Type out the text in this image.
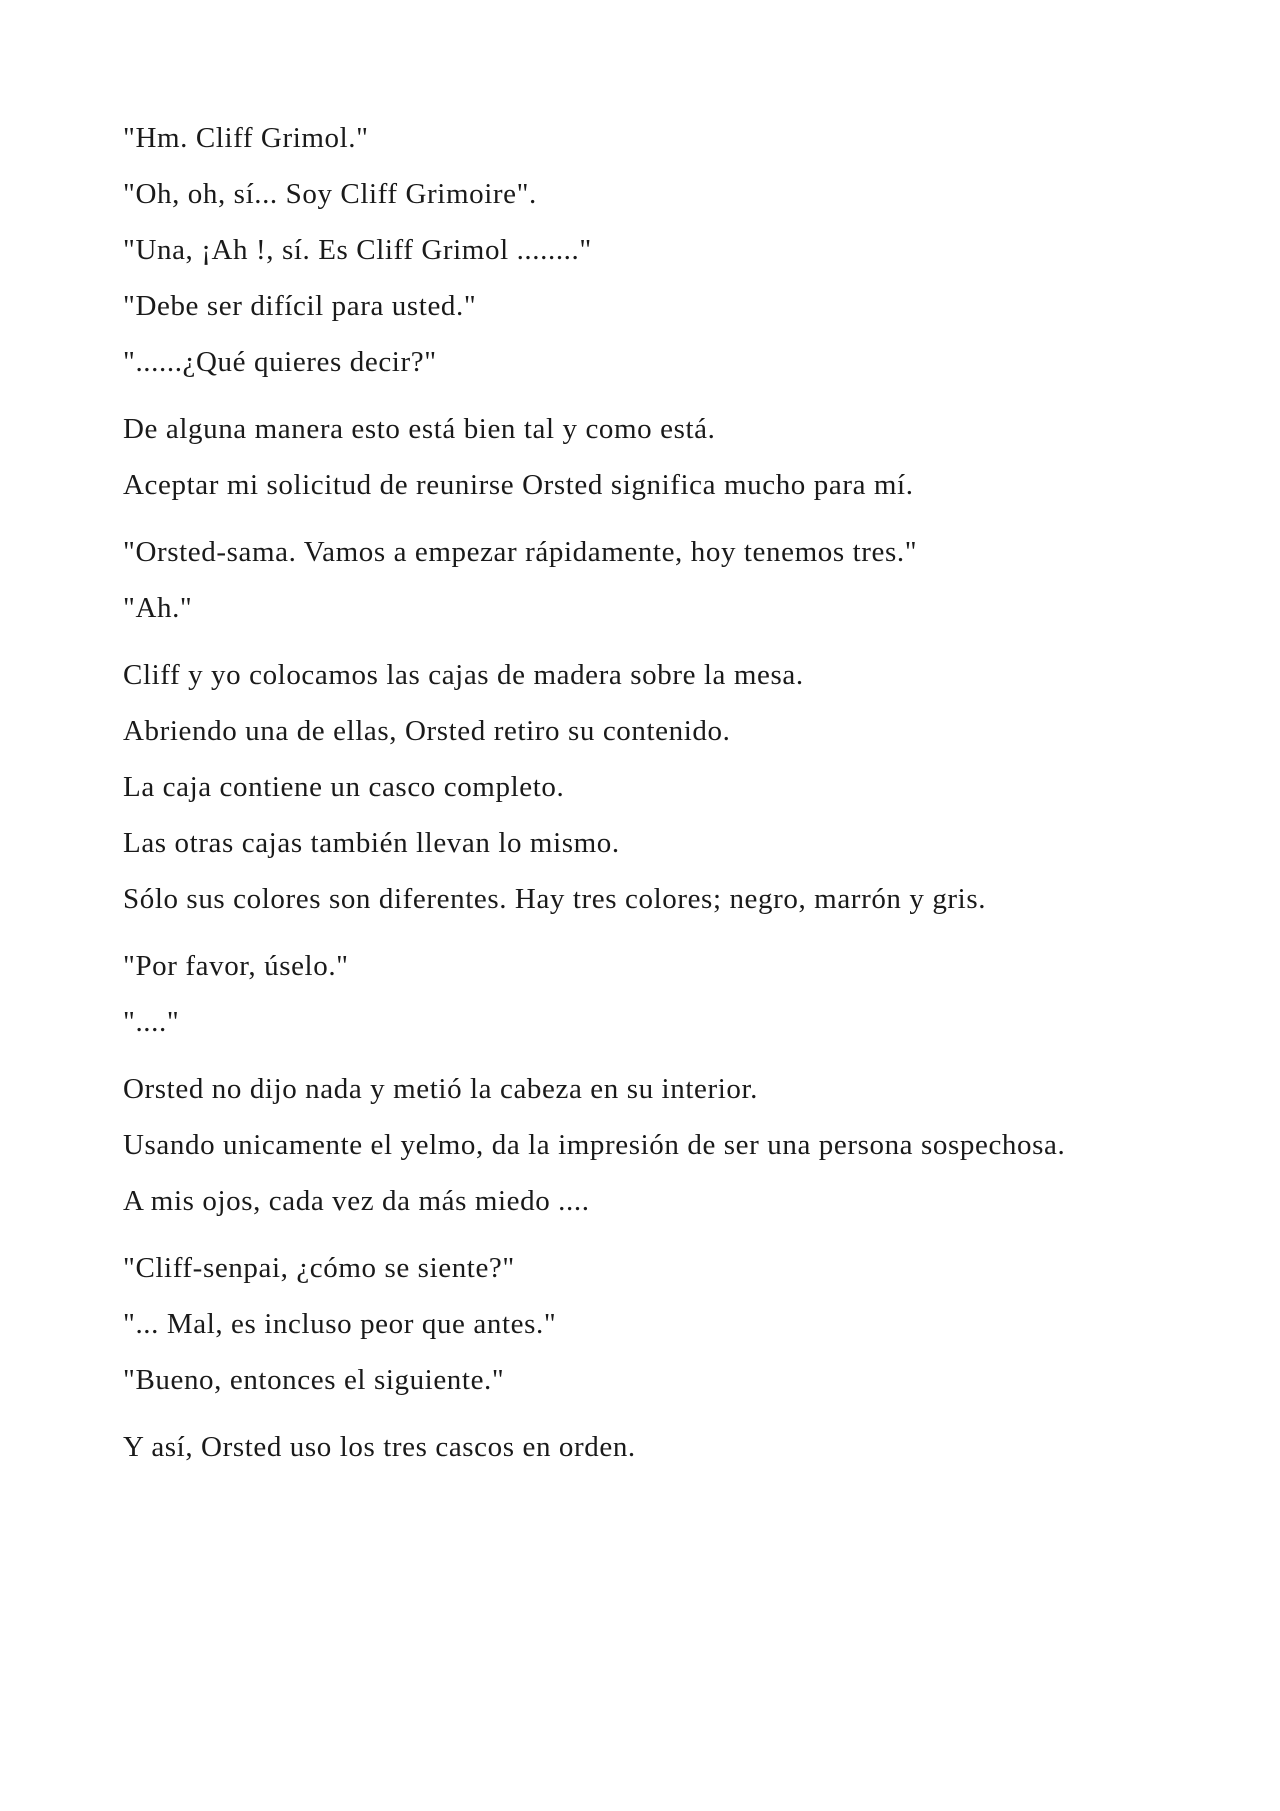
"Hm. Cliff Grimol."
"Oh, oh, sí... Soy Cliff Grimoire".
"Una, ¡Ah !, sí. Es Cliff Grimol ........"
"Debe ser difícil para usted."
"......¿Qué quieres decir?"
De alguna manera esto está bien tal y como está.
Aceptar mi solicitud de reunirse Orsted significa mucho para mí.
"Orsted-sama. Vamos a empezar rápidamente, hoy tenemos tres."
"Ah."
Cliff y yo colocamos las cajas de madera sobre la mesa.
Abriendo una de ellas, Orsted retiro su contenido.
La caja contiene un casco completo.
Las otras cajas también llevan lo mismo.
Sólo sus colores son diferentes. Hay tres colores; negro, marrón y gris.
"Por favor, úselo."
"...."
Orsted no dijo nada y metió la cabeza en su interior.
Usando unicamente el yelmo, da la impresión de ser una persona sospechosa.
A mis ojos, cada vez da más miedo ....
"Cliff-senpai, ¿cómo se siente?"
"... Mal, es incluso peor que antes."
"Bueno, entonces el siguiente."
Y así, Orsted uso los tres cascos en orden.
